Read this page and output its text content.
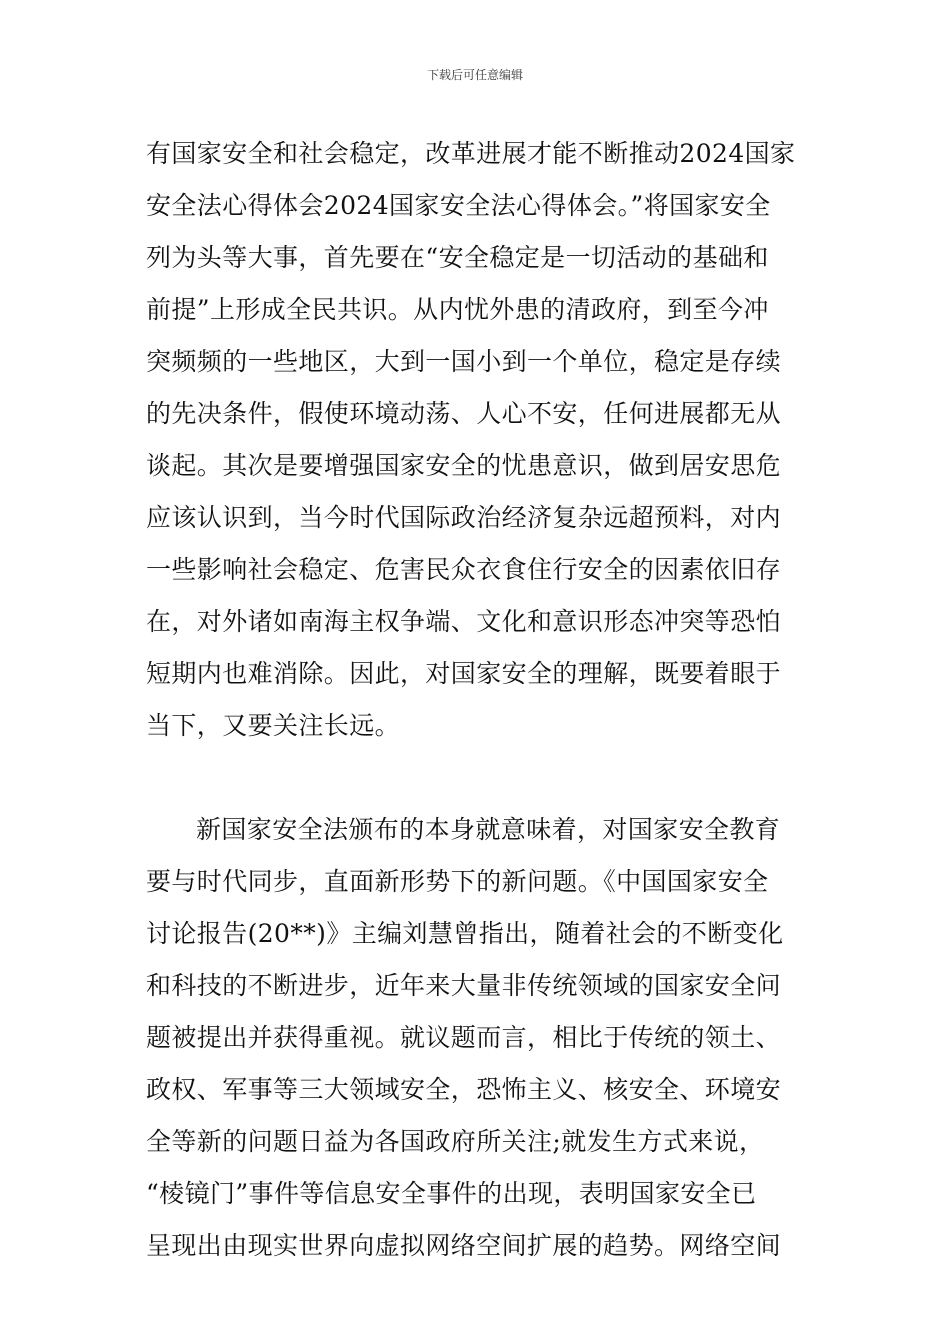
下载后可任意编辑
有国家安全和社会稳定，改革进展才能不断推动2024国家
安全法心得体会2024国家安全法心得体会。”将国家安全
列为头等大事，首先要在“安全稳定是一切活动的基础和
前提”上形成全民共识。从内忧外患的清政府，到至今冲
突频频的一些地区，大到一国小到一个单位，稳定是存续
的先决条件，假使环境动荡、人心不安，任何进展都无从
谈起。其次是要增强国家安全的忧患意识，做到居安思危
应该认识到，当今时代国际政治经济复杂远超预料，对内
一些影响社会稳定、危害民众衣食住行安全的因素依旧存
在，对外诸如南海主权争端、文化和意识形态冲突等恐怕
短期内也难消除。因此，对国家安全的理解，既要着眼于
当下，又要关注长远。
新国家安全法颁布的本身就意味着，对国家安全教育
要与时代同步，直面新形势下的新问题。《中国国家安全
讨论报告(20**)》主编刘慧曾指出，随着社会的不断变化
和科技的不断进步，近年来大量非传统领域的国家安全问
题被提出并获得重视。就议题而言，相比于传统的领土、
政权、军事等三大领域安全，恐怖主义、核安全、环境安
全等新的问题日益为各国政府所关注;就发生方式来说，
“棱镜门”事件等信息安全事件的出现，表明国家安全已
呈现出由现实世界向虚拟网络空间扩展的趋势。网络空间
